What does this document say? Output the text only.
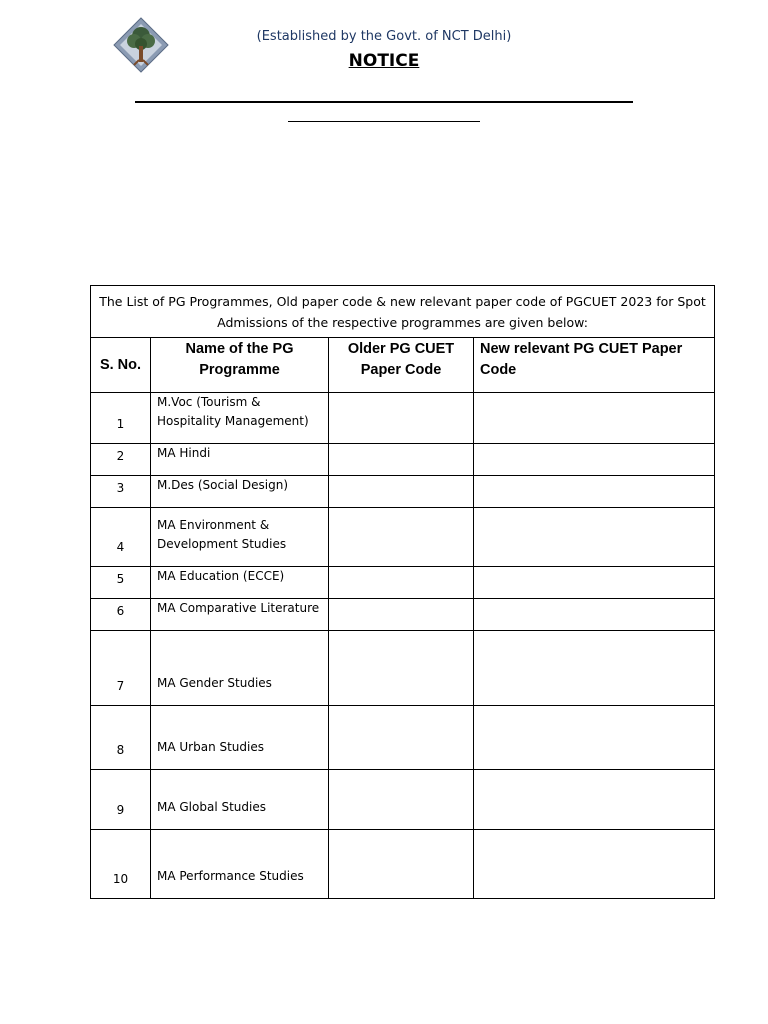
(Established by the Govt. of NCT Delhi)
NOTICE
The List of PG Programmes, Old paper code & new relevant paper code of PGCUET 2023 for Spot Admissions of the respective programmes are given below:			
S. No.	Name of the PG Programme	Older PG CUET Paper Code	New relevant PG CUET Paper Code
1	M.Voc (Tourism & Hospitality Management)		
2	MA Hindi		
3	M.Des (Social Design)		
4	MA Environment & Development Studies		
5	MA Education (ECCE)		
6	MA Comparative Literature		
7	MA Gender Studies		
8	MA Urban Studies		
9	MA Global Studies		
10	MA Performance Studies		
